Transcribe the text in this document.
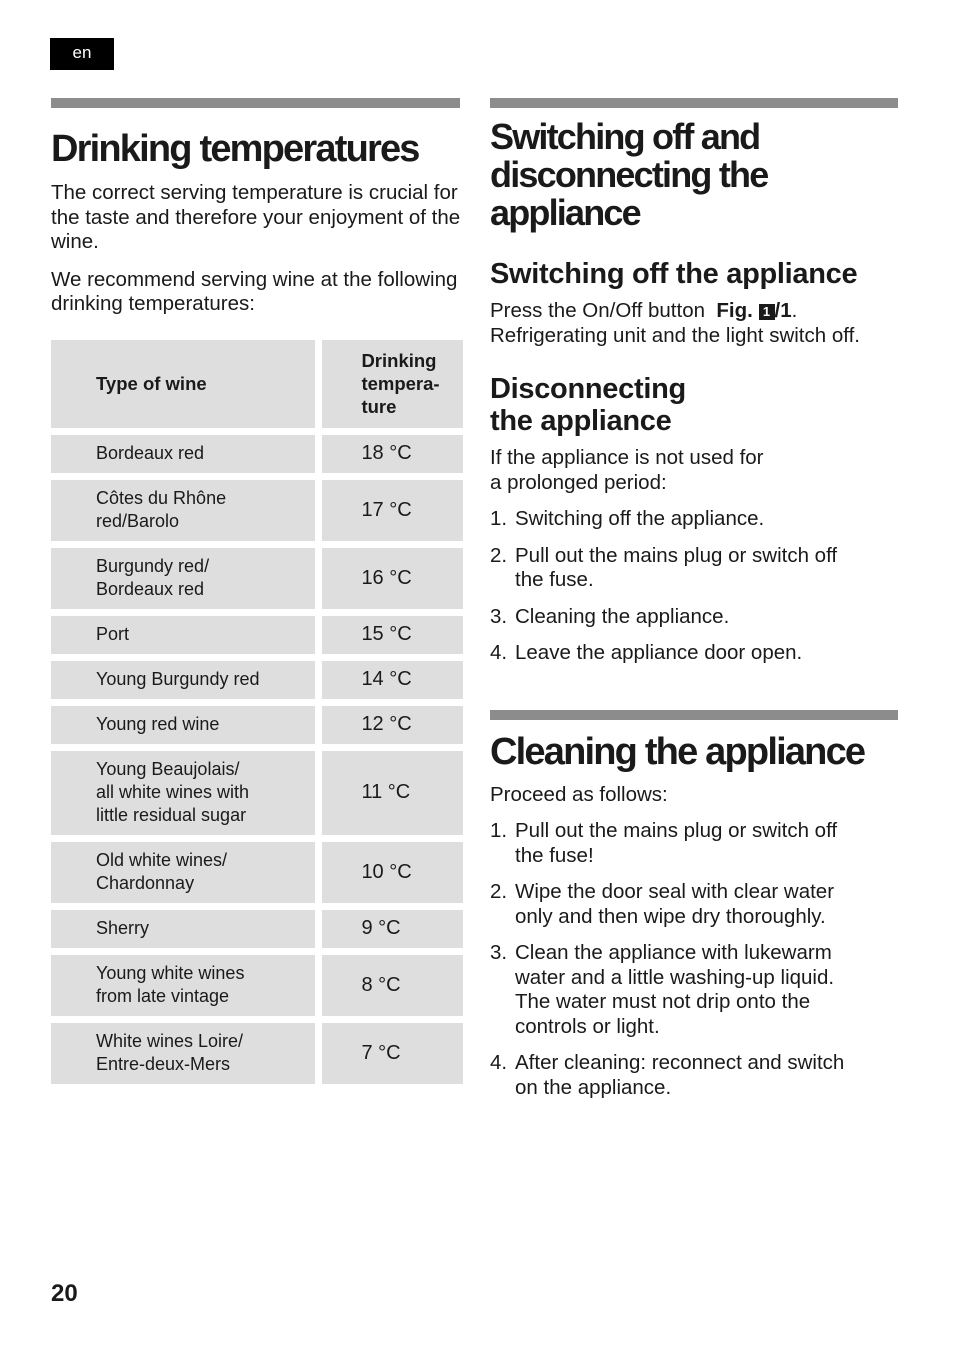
en
Drinking temperatures

The correct serving temperature is crucial for the taste and therefore your enjoyment of the wine.

We recommend serving wine at the following drinking temperatures:

Type of wine	Drinking
tempera-
ture
Bordeaux red	18 °C
Côtes du Rhône
red/Barolo	17 °C
Burgundy red/
Bordeaux red	16 °C
Port	15 °C
Young Burgundy red	14 °C
Young red wine	12 °C
Young Beaujolais/
all white wines with
little residual sugar	11 °C
Old white wines/
Chardonnay	10 °C
Sherry	9 °C
Young white wines
from late vintage	8 °C
White wines Loire/
Entre-deux-Mers	7 °C
Switching off and
disconnecting the
appliance
Switching off the appliance

Press the On/Off button Fig. 1 /1.
Refrigerating unit and the light switch off.

Disconnecting
the appliance

If the appliance is not used for
a prolonged period:

1. Switching off the appliance.
2. Pull out the mains plug or switch off
the fuse.
3. Cleaning the appliance.
4. Leave the appliance door open.
Cleaning the appliance

Proceed as follows:

1. Pull out the mains plug or switch off
the fuse!
2. Wipe the door seal with clear water
only and then wipe dry thoroughly.
3. Clean the appliance with lukewarm
water and a little washing-up liquid.
The water must not drip onto the
controls or light.
4. After cleaning: reconnect and switch
on the appliance.
20
